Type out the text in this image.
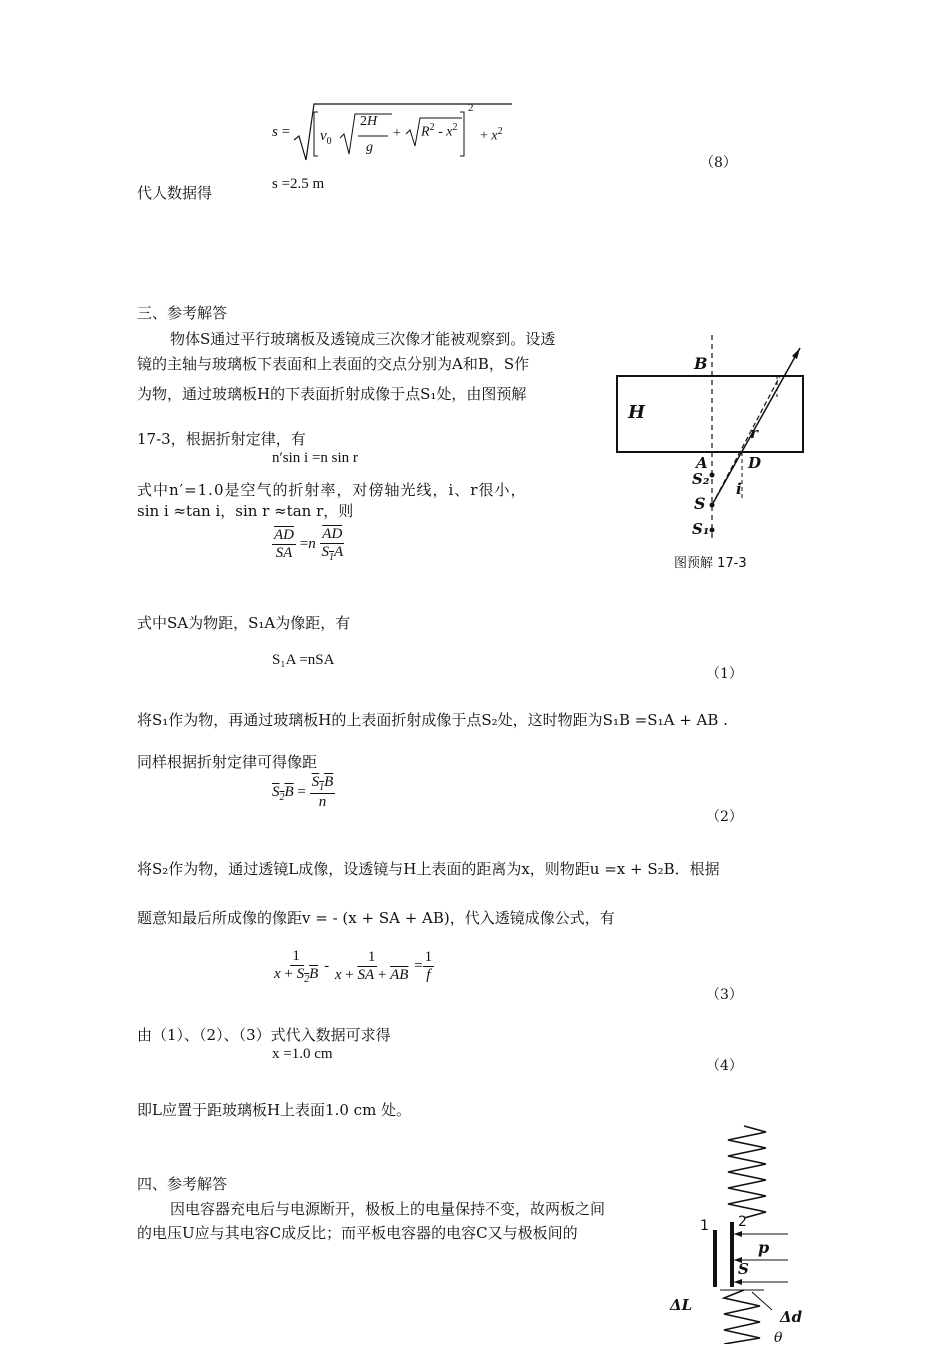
$s = v_0$
2H
g
+ $R^2 - x^2$
2
+ $x^2$
（8）
代人数据得	s =2.5 m
三、参考解答
物体S通过平行玻璃板及透镜成三次像才能被观察到。设透
镜的主轴与玻璃板下表面和上表面的交点分别为A和B，S作
为物，通过玻璃板H的下表面折射成像于点S₁处，由图预解
17-3，根据折射定律，有
n′sin i =n sin r
式中n′=1.0是空气的折射率，对傍轴光线，i、r很小，
sin i ≈tan i，sin r ≈tan r，则
$\frac{\overline{AD}}{SA} =n \frac{\overline{AD}}{S_1A}$
式中SA为物距，S₁A为像距，有
S₁A =nSA
（1）
将S₁作为物，再通过玻璃板H的上表面折射成像于点S₂处，这时物距为S₁B =S₁A + AB .
同样根据折射定律可得像距
$S_2B = \frac{S_1B}{n}$
（2）
将S₂作为物，通过透镜L成像，设透镜与H上表面的距离为x，则物距u =x + S₂B．根据
题意知最后所成像的像距v = - (x + SA + AB)，代入透镜成像公式，有
$\frac{1}{x + S_2B} - \frac{1}{x + \overline{SA} + \overline{AB}} = \frac{1}{f}$
（3）
由（1）、（2）、（3）式代入数据可求得
x =1.0 cm
（4）
即L应置于距玻璃板H上表面1.0 cm 处。
B
H
A	D
S₂
S
S₁
r
i
图预解 17-3
四、参考解答
因电容器充电后与电源断开，极板上的电量保持不变，故两板之间
的电压U应与其电容C成反比；而平板电容器的电容C又与极板间的	1 2
p
S
ΔL
Δd
θ
